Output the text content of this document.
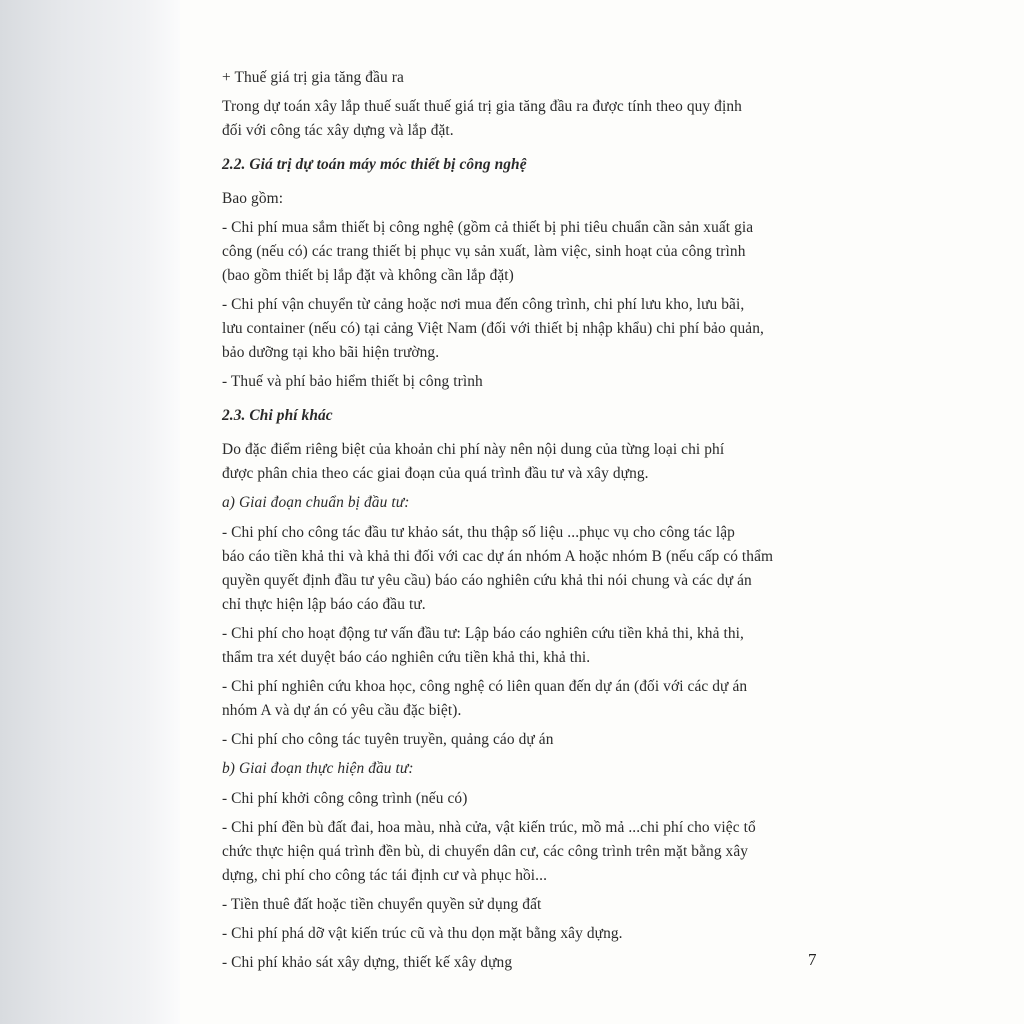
+ Thuế giá trị gia tăng đầu ra
Trong dự toán xây lắp thuế suất thuế giá trị gia tăng đầu ra được tính theo quy định
đối với công tác xây dựng và lắp đặt.
2.2. Giá trị dự toán máy móc thiết bị công nghệ
Bao gồm:
- Chi phí mua sắm thiết bị công nghệ (gồm cả thiết bị phi tiêu chuẩn cần sản xuất gia
công (nếu có) các trang thiết bị phục vụ sản xuất, làm việc, sinh hoạt của công trình
(bao gồm thiết bị lắp đặt và không cần lắp đặt)
- Chi phí vận chuyển từ cảng hoặc nơi mua đến công trình, chi phí lưu kho, lưu bãi,
lưu container (nếu có) tại cảng Việt Nam (đối với thiết bị nhập khẩu) chi phí bảo quản,
bảo dưỡng tại kho bãi hiện trường.
- Thuế và phí bảo hiểm thiết bị công trình
2.3. Chi phí khác
Do đặc điểm riêng biệt của khoản chi phí này nên nội dung của từng loại chi phí
được phân chia theo các giai đoạn của quá trình đầu tư và xây dựng.
a) Giai đoạn chuẩn bị đầu tư:
- Chi phí cho công tác đầu tư khảo sát, thu thập số liệu ...phục vụ cho công tác lập
báo cáo tiền khả thi và khả thi đối với cac dự án nhóm A hoặc nhóm B (nếu cấp có thẩm
quyền quyết định đầu tư yêu cầu) báo cáo nghiên cứu khả thi nói chung và các dự án
chỉ thực hiện lập báo cáo đầu tư.
- Chi phí cho hoạt động tư vấn đầu tư: Lập báo cáo nghiên cứu tiền khả thi, khả thi,
thẩm tra xét duyệt báo cáo nghiên cứu tiền khả thi, khả thi.
- Chi phí nghiên cứu khoa học, công nghệ có liên quan đến dự án (đối với các dự án
nhóm A và dự án có yêu cầu đặc biệt).
- Chi phí cho công tác tuyên truyền, quảng cáo dự án
b) Giai đoạn thực hiện đầu tư:
- Chi phí khởi công công trình (nếu có)
- Chi phí đền bù đất đai, hoa màu, nhà cửa, vật kiến trúc, mồ mả ...chi phí cho việc tổ
chức thực hiện quá trình đền bù, di chuyển dân cư, các công trình trên mặt bằng xây
dựng, chi phí cho công tác tái định cư và phục hồi...
- Tiền thuê đất hoặc tiền chuyển quyền sử dụng đất
- Chi phí phá dỡ vật kiến trúc cũ và thu dọn mặt bằng xây dựng.
- Chi phí khảo sát xây dựng, thiết kế xây dựng	7
